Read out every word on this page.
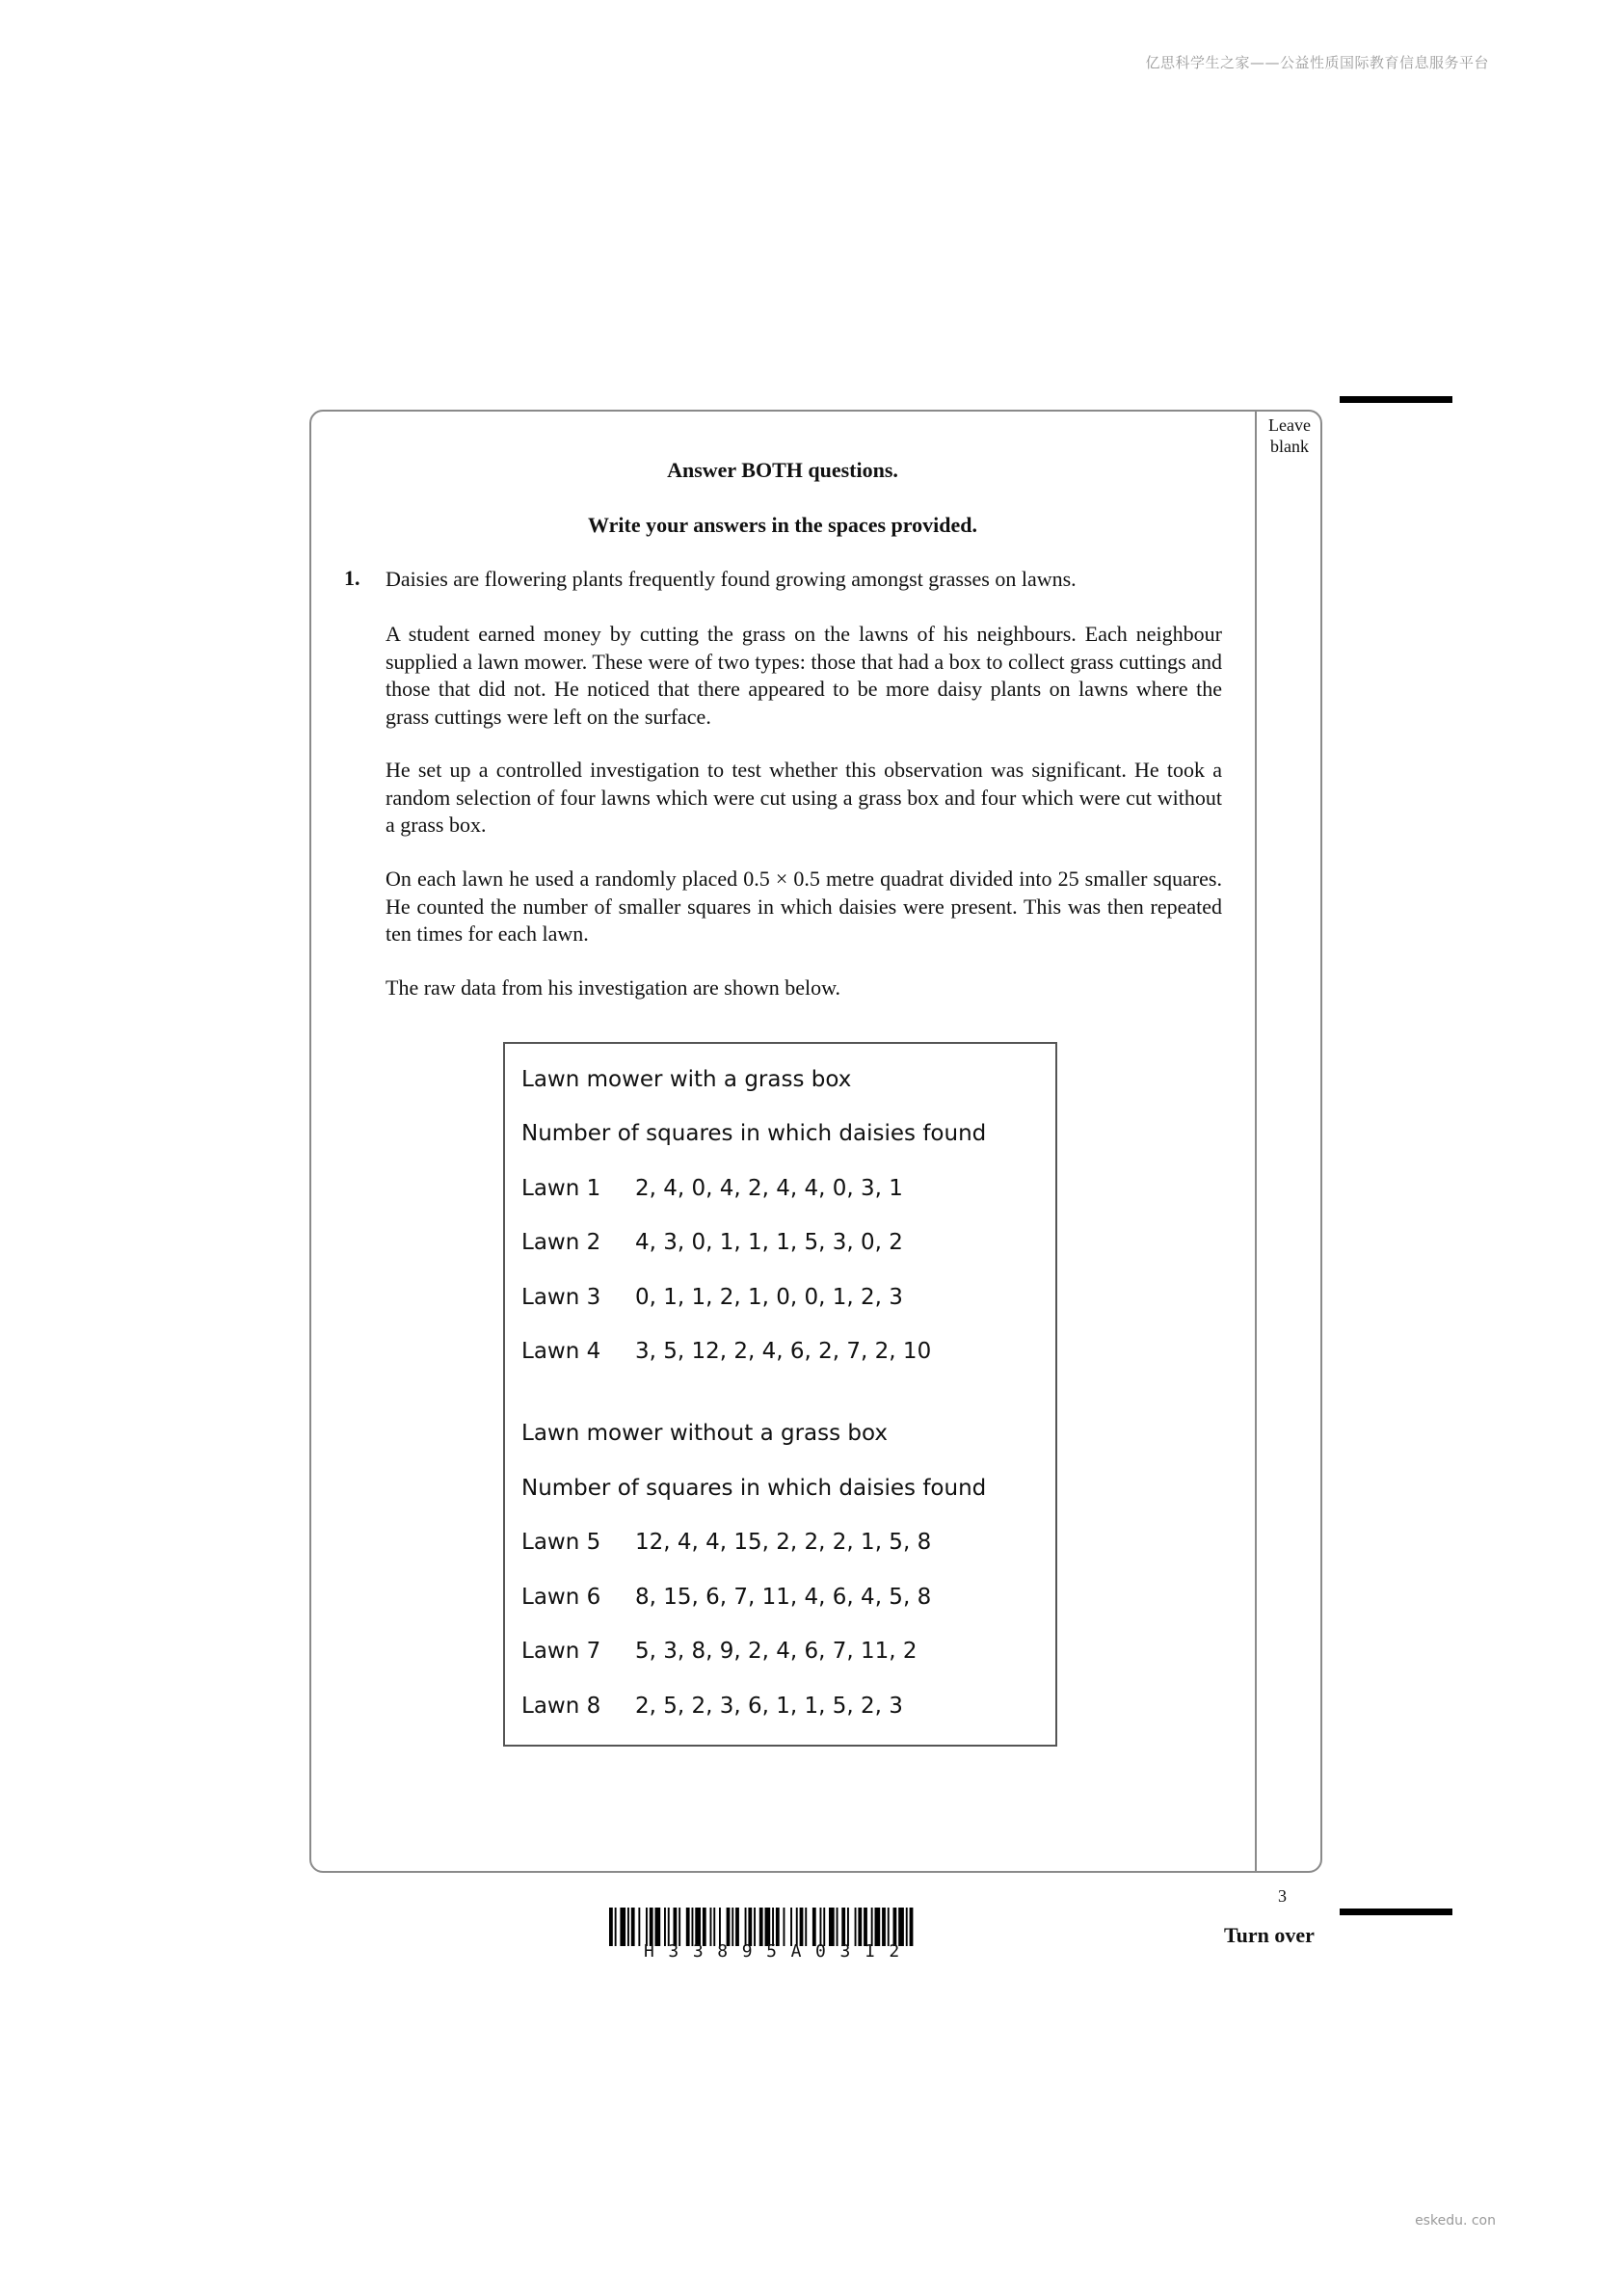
亿思科学生之家——公益性质国际教育信息服务平台
Leave
blank
Answer BOTH questions.
Write your answers in the spaces provided.
1. Daisies are flowering plants frequently found growing amongst grasses on lawns.

A student earned money by cutting the grass on the lawns of his neighbours. Each neighbour supplied a lawn mower. These were of two types: those that had a box to collect grass cuttings and those that did not. He noticed that there appeared to be more daisy plants on lawns where the grass cuttings were left on the surface.

He set up a controlled investigation to test whether this observation was significant. He took a random selection of four lawns which were cut using a grass box and four which were cut without a grass box.

On each lawn he used a randomly placed 0.5 × 0.5 metre quadrat divided into 25 smaller squares. He counted the number of smaller squares in which daisies were present. This was then repeated ten times for each lawn.

The raw data from his investigation are shown below.

Lawn mower with a grass box
Number of squares in which daisies found
Lawn 1 2, 4, 0, 4, 2, 4, 4, 0, 3, 1
Lawn 2 4, 3, 0, 1, 1, 1, 5, 3, 0, 2
Lawn 3 0, 1, 1, 2, 1, 0, 0, 1, 2, 3
Lawn 4 3, 5, 12, 2, 4, 6, 2, 7, 2, 10
Lawn mower without a grass box
Number of squares in which daisies found
Lawn 5 12, 4, 4, 15, 2, 2, 2, 1, 5, 8
Lawn 6 8, 15, 6, 7, 11, 4, 6, 4, 5, 8
Lawn 7 5, 3, 8, 9, 2, 4, 6, 7, 11, 2
Lawn 8 2, 5, 2, 3, 6, 1, 1, 5, 2, 3
3
Turn over
H33895A0312
eskedu. con
